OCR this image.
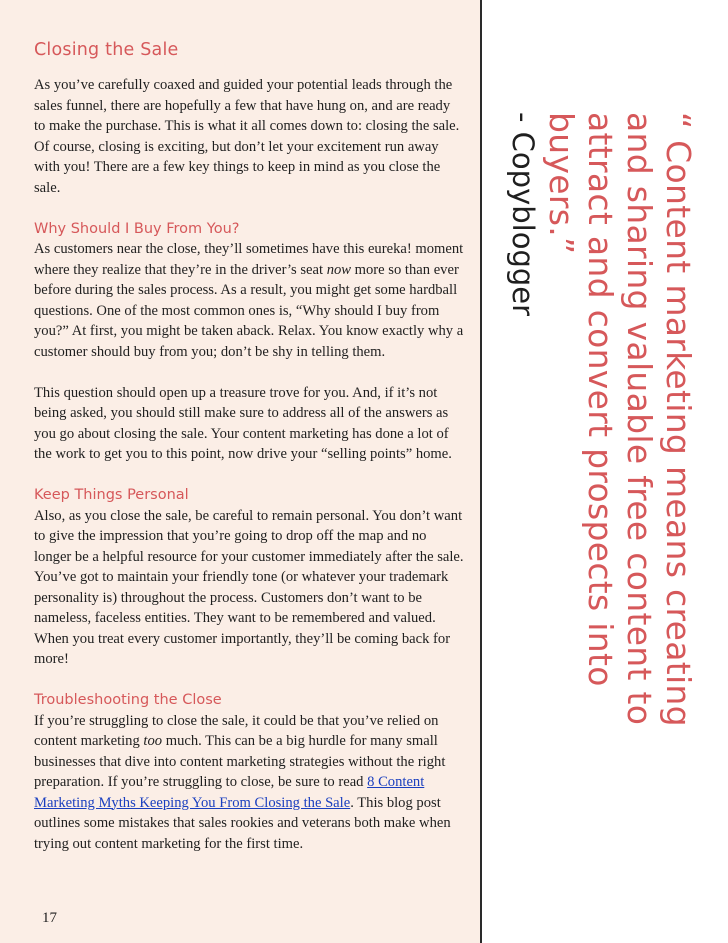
Closing the Sale

As you’ve carefully coaxed and guided your potential leads through the sales funnel, there are hopefully a few that have hung on, and are ready to make the purchase. This is what it all comes down to: closing the sale. Of course, closing is exciting, but don’t let your excitement run away with you! There are a few key things to keep in mind as you close the sale.

Why Should I Buy From You?

As customers near the close, they’ll sometimes have this eureka! moment where they realize that they’re in the driver’s seat now more so than ever before during the sales process. As a result, you might get some hardball questions. One of the most common ones is, “Why should I buy from you?” At first, you might be taken aback. Relax. You know exactly why a customer should buy from you; don’t be shy in telling them.

This question should open up a treasure trove for you. And, if it’s not being asked, you should still make sure to address all of the answers as you go about closing the sale. Your content marketing has done a lot of the work to get you to this point, now drive your “selling points” home.

Keep Things Personal

Also, as you close the sale, be careful to remain personal. You don’t want to give the impression that you’re going to drop off the map and no longer be a helpful resource for your customer immediately after the sale. You’ve got to maintain your friendly tone (or whatever your trademark personality is) throughout the process. Customers don’t want to be nameless, faceless entities. They want to be remembered and valued. When you treat every customer importantly, they’ll be coming back for more!

Troubleshooting the Close

If you’re struggling to close the sale, it could be that you’ve relied on content marketing too much. This can be a big hurdle for many small businesses that dive into content marketing strategies without the right preparation. If you’re struggling to close, be sure to read 8 Content Marketing Myths Keeping You From Closing the Sale. This blog post outlines some mistakes that sales rookies and veterans both make when trying out content marketing for the first time.

17

“ Content marketing means creating and sharing valuable free content to attract and convert prospects into buyers.”

- Copyblogger
